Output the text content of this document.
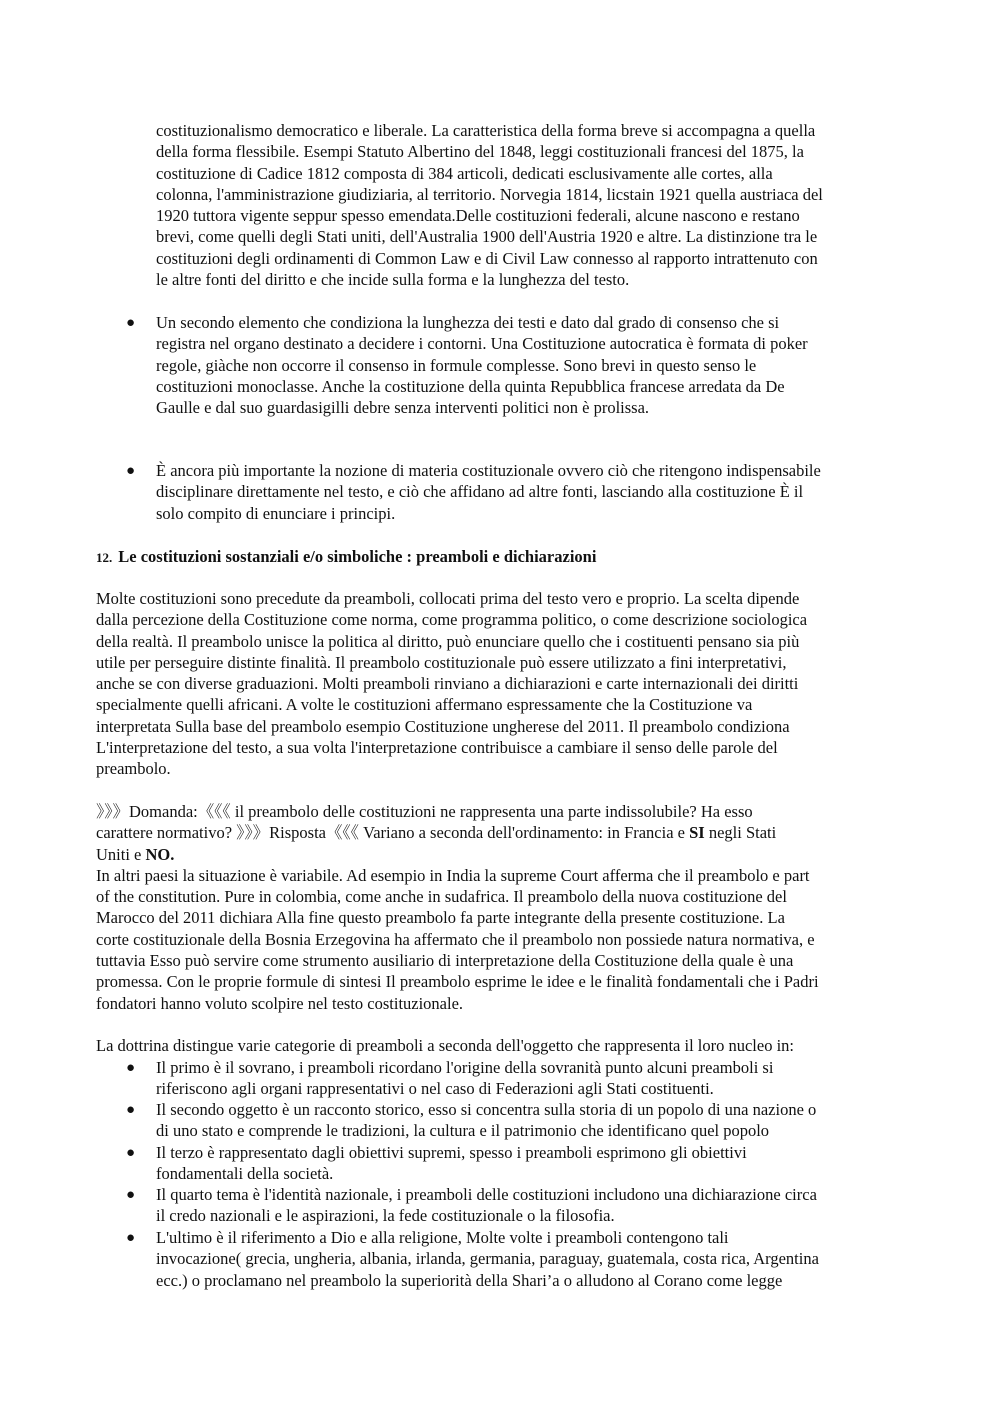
costituzionalismo democratico e liberale. La caratteristica della forma breve si accompagna a quella
della forma flessibile. Esempi Statuto Albertino del 1848, leggi costituzionali francesi del 1875, la
costituzione di Cadice 1812 composta di 384 articoli, dedicati esclusivamente alle cortes, alla
colonna, l'amministrazione giudiziaria, al territorio. Norvegia 1814, licstain 1921 quella austriaca del
1920 tuttora vigente seppur spesso emendata.Delle costituzioni federali, alcune nascono e restano
brevi, come quelli degli Stati uniti, dell'Australia 1900 dell'Austria 1920 e altre. La distinzione tra le
costituzioni degli ordinamenti di Common Law e di Civil Law connesso al rapporto intrattenuto con
le altre fonti del diritto e che incide sulla forma e la lunghezza del testo.
● Un secondo elemento che condiziona la lunghezza dei testi e dato dal grado di consenso che si
registra nel organo destinato a decidere i contorni. Una Costituzione autocratica è formata di poker
regole, giàche non occorre il consenso in formule complesse. Sono brevi in questo senso le
costituzioni monoclasse. Anche la costituzione della quinta Repubblica francese arredata da De
Gaulle e dal suo guardasigilli debre senza interventi politici non è prolissa.
● È ancora più importante la nozione di materia costituzionale ovvero ciò che ritengono indispensabile
disciplinare direttamente nel testo, e ciò che affidano ad altre fonti, lasciando alla costituzione È il
solo compito di enunciare i principi.
12. Le costituzioni sostanziali e/o simboliche : preamboli e dichiarazioni
Molte costituzioni sono precedute da preamboli, collocati prima del testo vero e proprio. La scelta dipende
dalla percezione della Costituzione come norma, come programma politico, o come descrizione sociologica
della realtà. Il preambolo unisce la politica al diritto, può enunciare quello che i costituenti pensano sia più
utile per perseguire distinte finalità. Il preambolo costituzionale può essere utilizzato a fini interpretativi,
anche se con diverse graduazioni. Molti preamboli rinviano a dichiarazioni e carte internazionali dei diritti
specialmente quelli africani. A volte le costituzioni affermano espressamente che la Costituzione va
interpretata Sulla base del preambolo esempio Costituzione ungherese del 2011. Il preambolo condiziona
L'interpretazione del testo, a sua volta l'interpretazione contribuisce a cambiare il senso delle parole del
preambolo.
》》》Domanda:《《《 il preambolo delle costituzioni ne rappresenta una parte indissolubile? Ha esso
carattere normativo? 》》》Risposta《《《 Variano a seconda dell'ordinamento: in Francia e SI negli Stati
Uniti e NO.
In altri paesi la situazione è variabile. Ad esempio in India la supreme Court afferma che il preambolo e part
of the constitution. Pure in colombia, come anche in sudafrica. Il preambolo della nuova costituzione del
Marocco del 2011 dichiara Alla fine questo preambolo fa parte integrante della presente costituzione. La
corte costituzionale della Bosnia Erzegovina ha affermato che il preambolo non possiede natura normativa, e
tuttavia Esso può servire come strumento ausiliario di interpretazione della Costituzione della quale è una
promessa. Con le proprie formule di sintesi Il preambolo esprime le idee e le finalità fondamentali che i Padri
fondatori hanno voluto scolpire nel testo costituzionale.
La dottrina distingue varie categorie di preamboli a seconda dell'oggetto che rappresenta il loro nucleo in:
● Il primo è il sovrano, i preamboli ricordano l'origine della sovranità punto alcuni preamboli si
riferiscono agli organi rappresentativi o nel caso di Federazioni agli Stati costituenti.
● Il secondo oggetto è un racconto storico, esso si concentra sulla storia di un popolo di una nazione o
di uno stato e comprende le tradizioni, la cultura e il patrimonio che identificano quel popolo
● Il terzo è rappresentato dagli obiettivi supremi, spesso i preamboli esprimono gli obiettivi
fondamentali della società.
● Il quarto tema è l'identità nazionale, i preamboli delle costituzioni includono una dichiarazione circa
il credo nazionali e le aspirazioni, la fede costituzionale o la filosofia.
● L'ultimo è il riferimento a Dio e alla religione, Molte volte i preamboli contengono tali
invocazione( grecia, ungheria, albania, irlanda, germania, paraguay, guatemala, costa rica, Argentina
ecc.) o proclamano nel preambolo la superiorità della Shari’a o alludono al Corano come legge
